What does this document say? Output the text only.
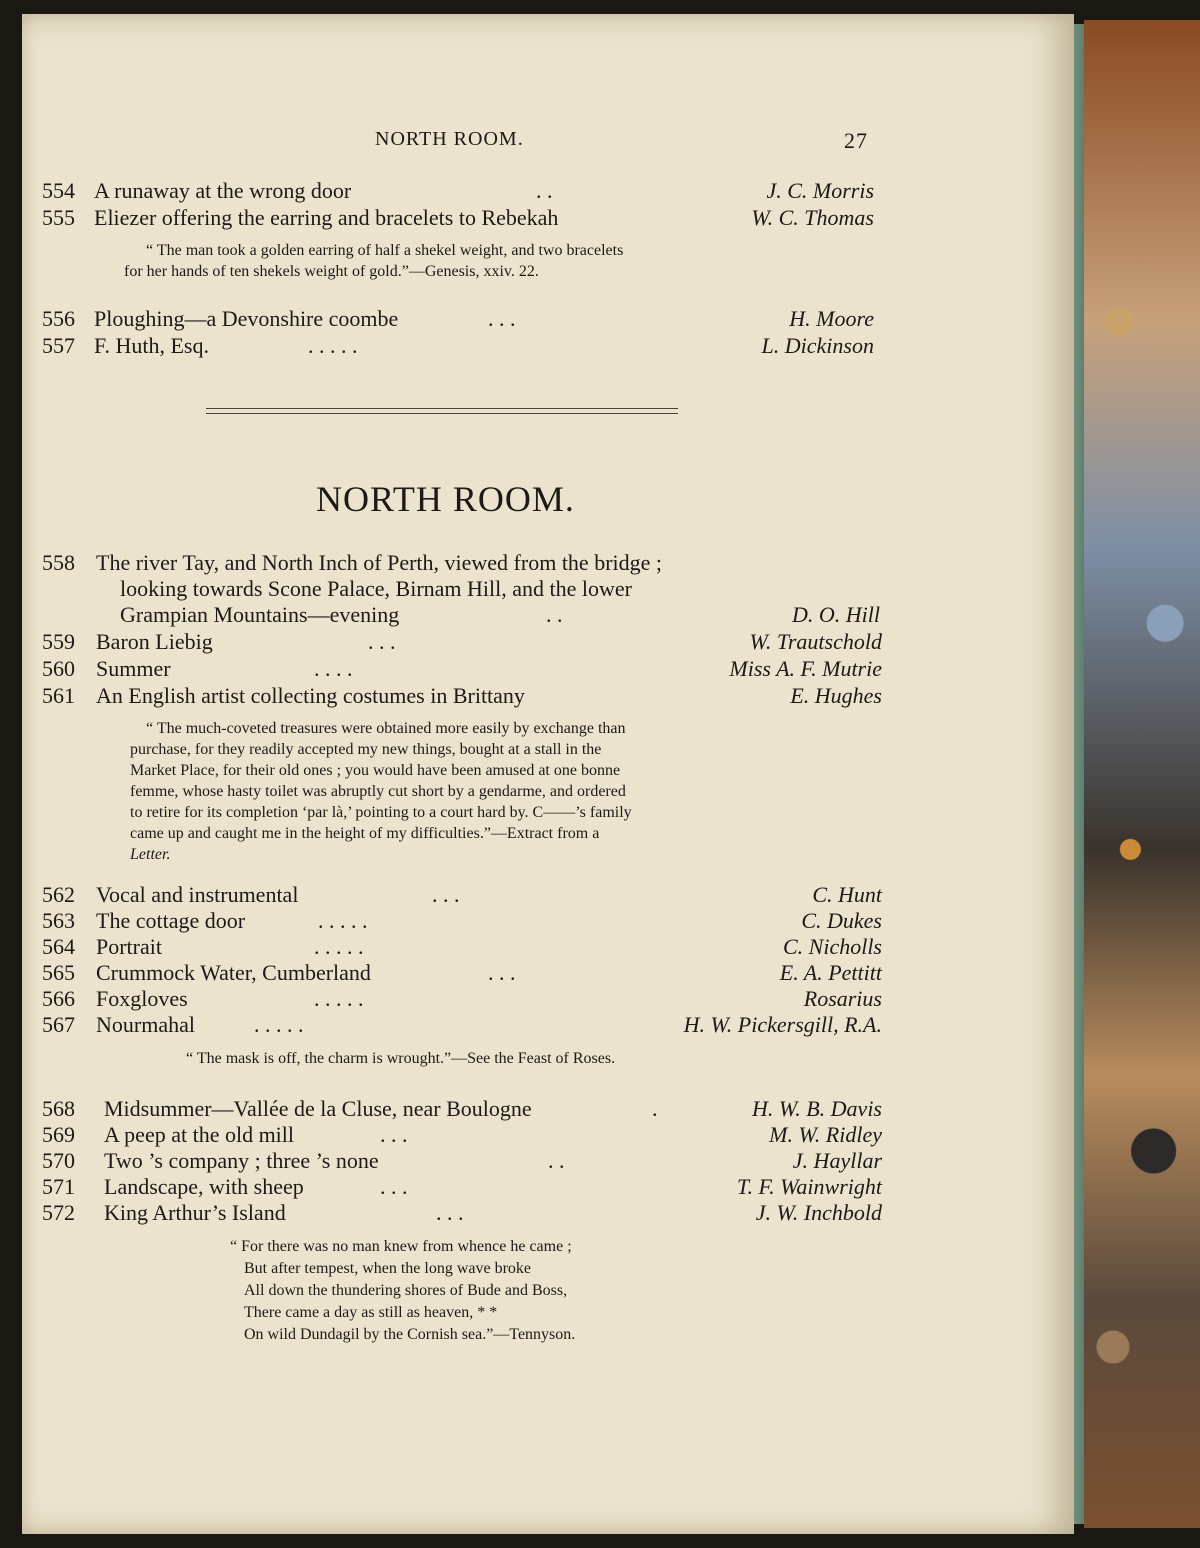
NORTH ROOM.	27
554 A runaway at the wrong door	. .	J. C. Morris
555 Eliezer offering the earring and bracelets to Rebekah	W. C. Thomas
“ The man took a golden earring of half a shekel weight, and two bracelets
for her hands of ten shekels weight of gold.”—Genesis, xxiv. 22.
556 Ploughing—a Devonshire coombe	. . .	H. Moore
557 F. Huth, Esq.	. . . . .	L. Dickinson
NORTH ROOM.
558 The river Tay, and North Inch of Perth, viewed from the bridge ;
looking towards Scone Palace, Birnam Hill, and the lower
Grampian Mountains—evening	. .	D. O. Hill
559 Baron Liebig	. . .	W. Trautschold
560 Summer	. . . .	Miss A. F. Mutrie
561 An English artist collecting costumes in Brittany	E. Hughes
“ The much-coveted treasures were obtained more easily by exchange than
purchase, for they readily accepted my new things, bought at a stall in the
Market Place, for their old ones ; you would have been amused at one bonne
femme, whose hasty toilet was abruptly cut short by a gendarme, and ordered
to retire for its completion ‘par là,’ pointing to a court hard by. C——’s family
came up and caught me in the height of my difficulties.”—Extract from a
Letter.
562 Vocal and instrumental	. . .	C. Hunt
563 The cottage door	. . . . .	C. Dukes
564 Portrait	. . . . .	C. Nicholls
565 Crummock Water, Cumberland	. . .	E. A. Pettitt
566 Foxgloves	. . . . .	Rosarius
567 Nourmahal	. . . . .	H. W. Pickersgill, R.A.
“ The mask is off, the charm is wrought.”—See the Feast of Roses.
568 Midsummer—Vallée de la Cluse, near Boulogne	.	H. W. B. Davis
569 A peep at the old mill	. . .	M. W. Ridley
570 Two ’s company ; three ’s none	. .	J. Hayllar
571 Landscape, with sheep	. . .	T. F. Wainwright
572 King Arthur’s Island	. . .	J. W. Inchbold
“ For there was no man knew from whence he came ;
But after tempest, when the long wave broke
All down the thundering shores of Bude and Boss,
There came a day as still as heaven, * *
On wild Dundagil by the Cornish sea.”—Tennyson.
